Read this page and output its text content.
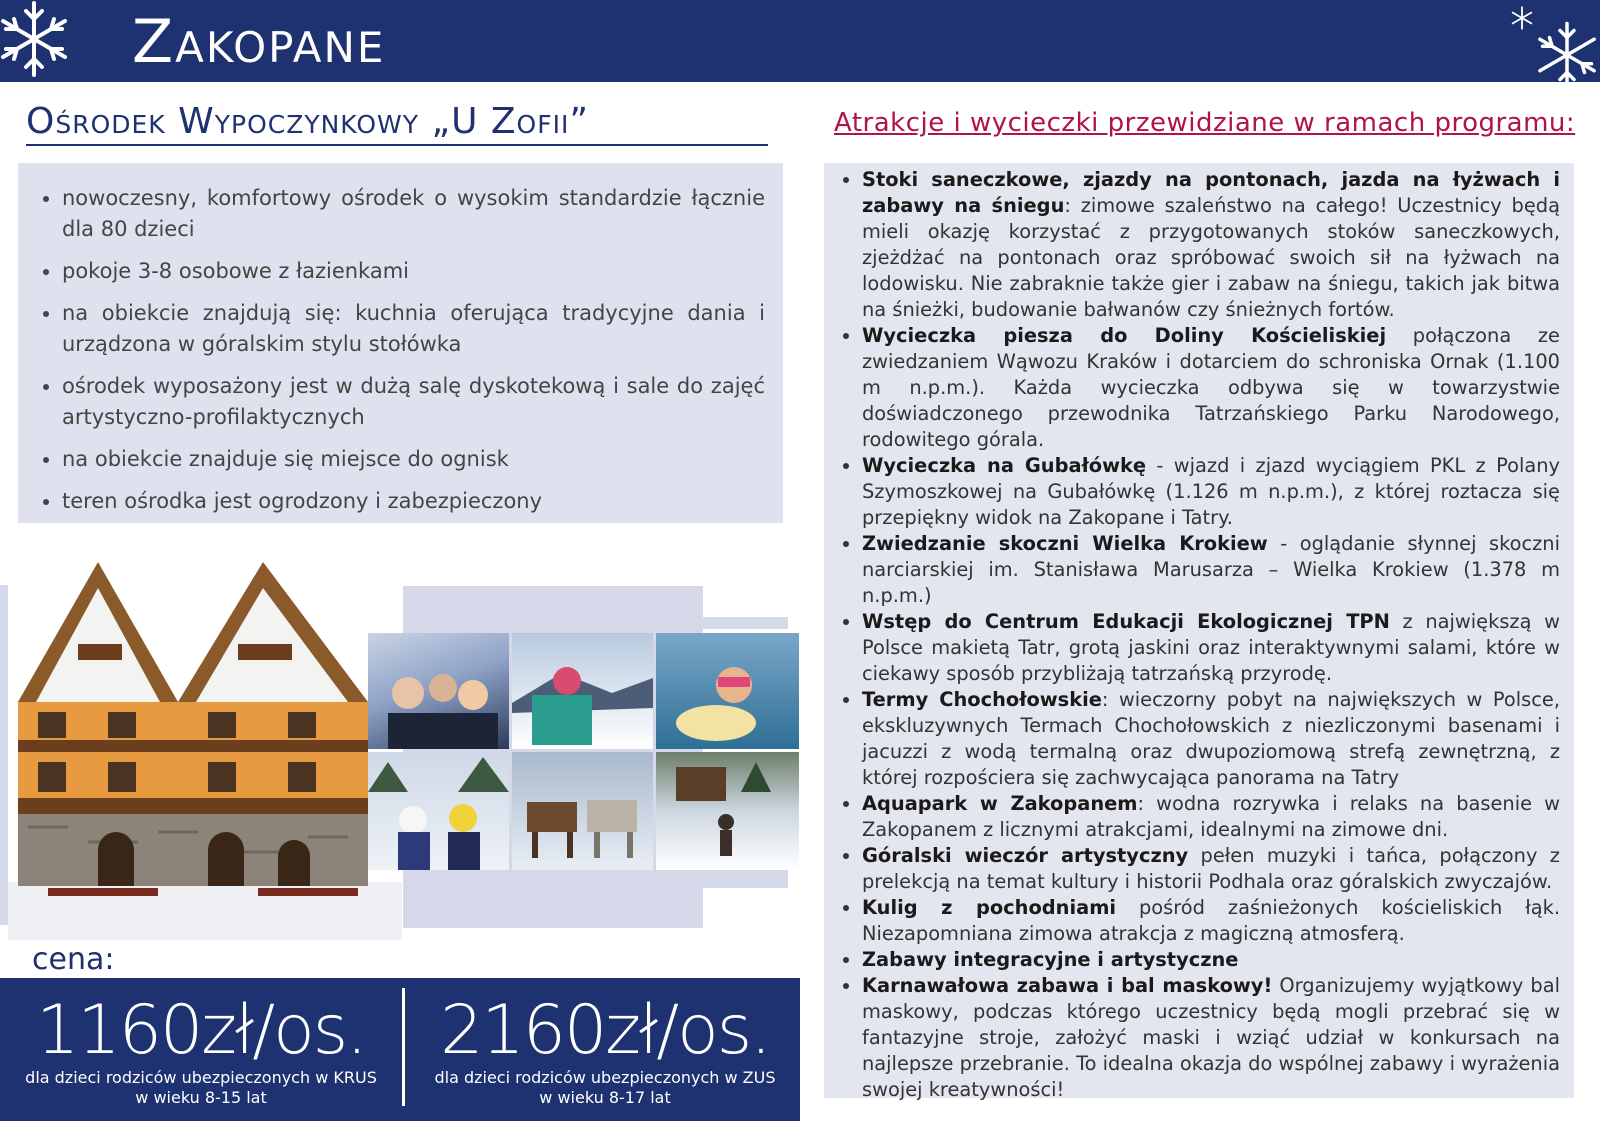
Zakopane
Ośrodek Wypoczynkowy „U Zofii”	Atrakcje i wycieczki przewidziane w ramach programu:
• nowoczesny, komfortowy ośrodek o wysokim standardzie łącznie dla 80 dzieci
• pokoje 3-8 osobowe z łazienkami
• na obiekcie znajdują się: kuchnia oferująca tradycyjne dania i urządzona w góralskim stylu stołówka
• ośrodek wyposażony jest w dużą salę dyskotekową i sale do zajęć artystyczno-profilaktycznych
• na obiekcie znajduje się miejsce do ognisk
• teren ośrodka jest ogrodzony i zabezpieczony
• Stoki saneczkowe, zjazdy na pontonach, jazda na łyżwach i zabawy na śniegu: zimowe szaleństwo na całego! Uczestnicy będą mieli okazję korzystać z przygotowanych stoków saneczkowych, zjeżdżać na pontonach oraz spróbować swoich sił na łyżwach na lodowisku. Nie zabraknie także gier i zabaw na śniegu, takich jak bitwa na śnieżki, budowanie bałwanów czy śnieżnych fortów.
• Wycieczka piesza do Doliny Kościeliskiej połączona ze zwiedzaniem Wąwozu Kraków i dotarciem do schroniska Ornak (1.100 m n.p.m.). Każda wycieczka odbywa się w towarzystwie doświadczonego przewodnika Tatrzańskiego Parku Narodowego, rodowitego górala.
• Wycieczka na Gubałówkę - wjazd i zjazd wyciągiem PKL z Polany Szymoszkowej na Gubałówkę (1.126 m n.p.m.), z której roztacza się przepiękny widok na Zakopane i Tatry.
• Zwiedzanie skoczni Wielka Krokiew - oglądanie słynnej skoczni narciarskiej im. Stanisława Marusarza – Wielka Krokiew (1.378 m n.p.m.)
• Wstęp do Centrum Edukacji Ekologicznej TPN z największą w Polsce makietą Tatr, grotą jaskini oraz interaktywnymi salami, które w ciekawy sposób przybliżają tatrzańską przyrodę.
• Termy Chochołowskie: wieczorny pobyt na największych w Polsce, ekskluzywnych Termach Chochołowskich z niezliczonymi basenami i jacuzzi z wodą termalną oraz dwupoziomową strefą zewnętrzną, z której rozpościera się zachwycająca panorama na Tatry
• Aquapark w Zakopanem: wodna rozrywka i relaks na basenie w Zakopanem z licznymi atrakcjami, idealnymi na zimowe dni.
• Góralski wieczór artystyczny pełen muzyki i tańca, połączony z prelekcją na temat kultury i historii Podhala oraz góralskich zwyczajów.
• Kulig z pochodniami pośród zaśnieżonych kościeliskich łąk. Niezapomniana zimowa atrakcja z magiczną atmosferą.
• Zabawy integracyjne i artystyczne
• Karnawałowa zabawa i bal maskowy! Organizujemy wyjątkowy bal maskowy, podczas którego uczestnicy będą mogli przebrać się w fantazyjne stroje, założyć maski i wziąć udział w konkursach na najlepsze przebranie. To idealna okazja do wspólnej zabawy i wyrażenia swojej kreatywności!
cena:
1160zł/os.
dla dzieci rodziców ubezpieczonych w KRUS
w wieku 8-15 lat
2160zł/os.
dla dzieci rodziców ubezpieczonych w ZUS
w wieku 8-17 lat
